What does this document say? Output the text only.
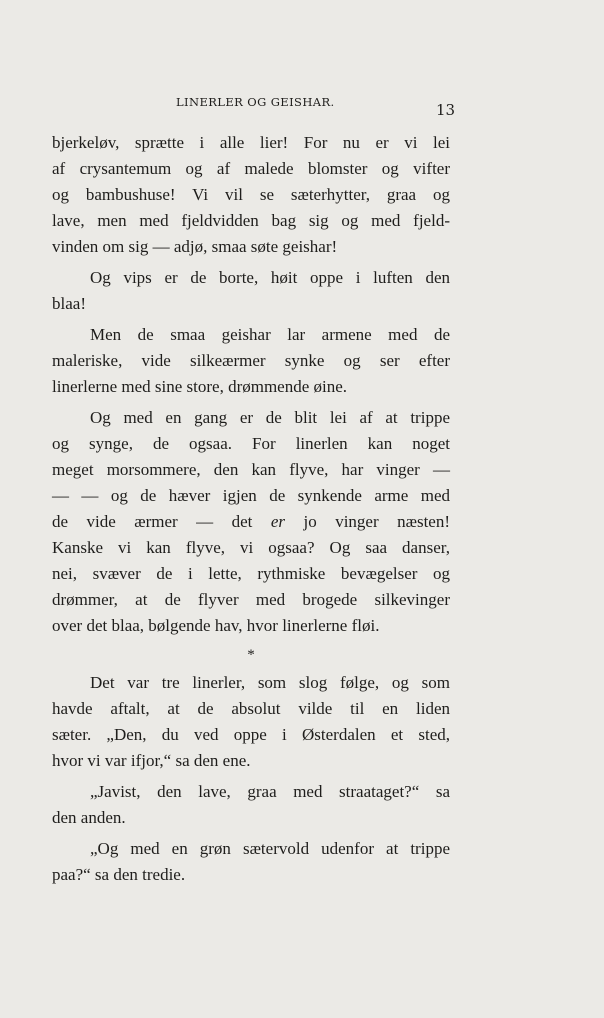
LINERLER OG GEISHAR.	13
bjerkeløv, sprætte i alle lier! For nu er vi lei
af crysantemum og af malede blomster og vifter
og bambushuse! Vi vil se sæterhytter, graa og
lave, men med fjeldvidden bag sig og med fjeld-
vinden om sig — adjø, smaa søte geishar!
Og vips er de borte, høit oppe i luften den
blaa!
Men de smaa geishar lar armene med de
maleriske, vide silkeærmer synke og ser efter
linerlerne med sine store, drømmende øine.
Og med en gang er de blit lei af at trippe
og synge, de ogsaa. For linerlen kan noget
meget morsommere, den kan flyve, har vinger —
— — og de hæver igjen de synkende arme med
de vide ærmer — det er jo vinger næsten!
Kanske vi kan flyve, vi ogsaa? Og saa danser,
nei, svæver de i lette, rythmiske bevægelser og
drømmer, at de flyver med brogede silkevinger
over det blaa, bølgende hav, hvor linerlerne fløi.
*
Det var tre linerler, som slog følge, og som
havde aftalt, at de absolut vilde til en liden
sæter. „Den, du ved oppe i Østerdalen et sted,
hvor vi var ifjor,“ sa den ene.
„Javist, den lave, graa med straataget?“ sa
den anden.
„Og med en grøn sætervold udenfor at trippe
paa?“ sa den tredie.
